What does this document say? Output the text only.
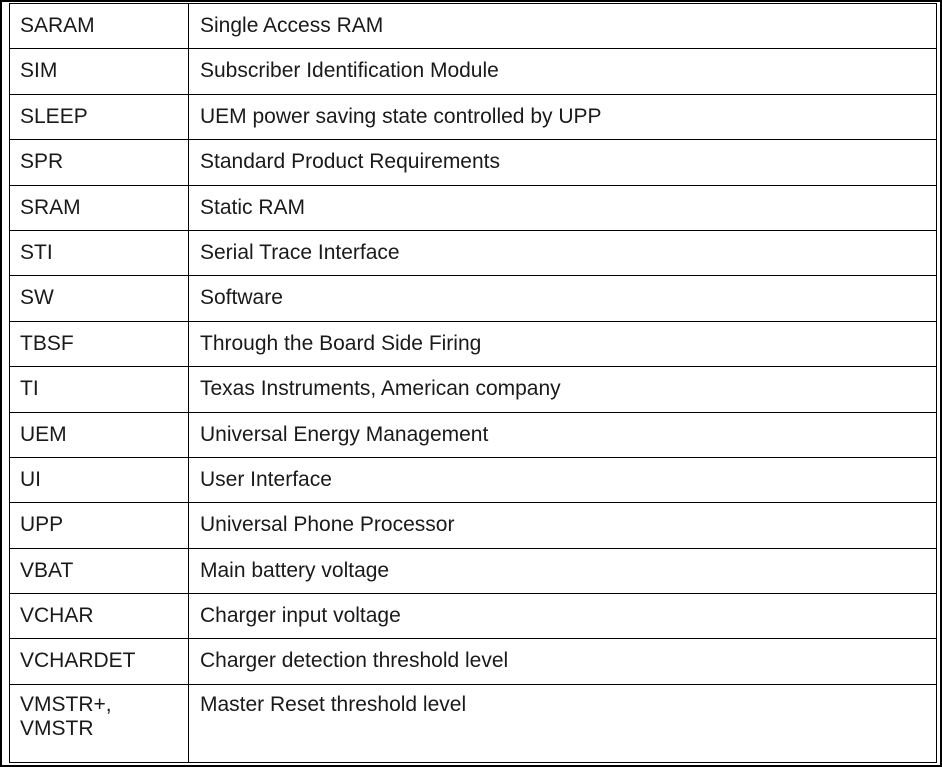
SARAM	Single Access RAM
SIM	Subscriber Identification Module
SLEEP	UEM power saving state controlled by UPP
SPR	Standard Product Requirements
SRAM	Static RAM
STI	Serial Trace Interface
SW	Software
TBSF	Through the Board Side Firing
TI	Texas Instruments, American company
UEM	Universal Energy Management
UI	User Interface
UPP	Universal Phone Processor
VBAT	Main battery voltage
VCHAR	Charger input voltage
VCHARDET	Charger detection threshold level
VMSTR+,
VMSTR	Master Reset threshold level
